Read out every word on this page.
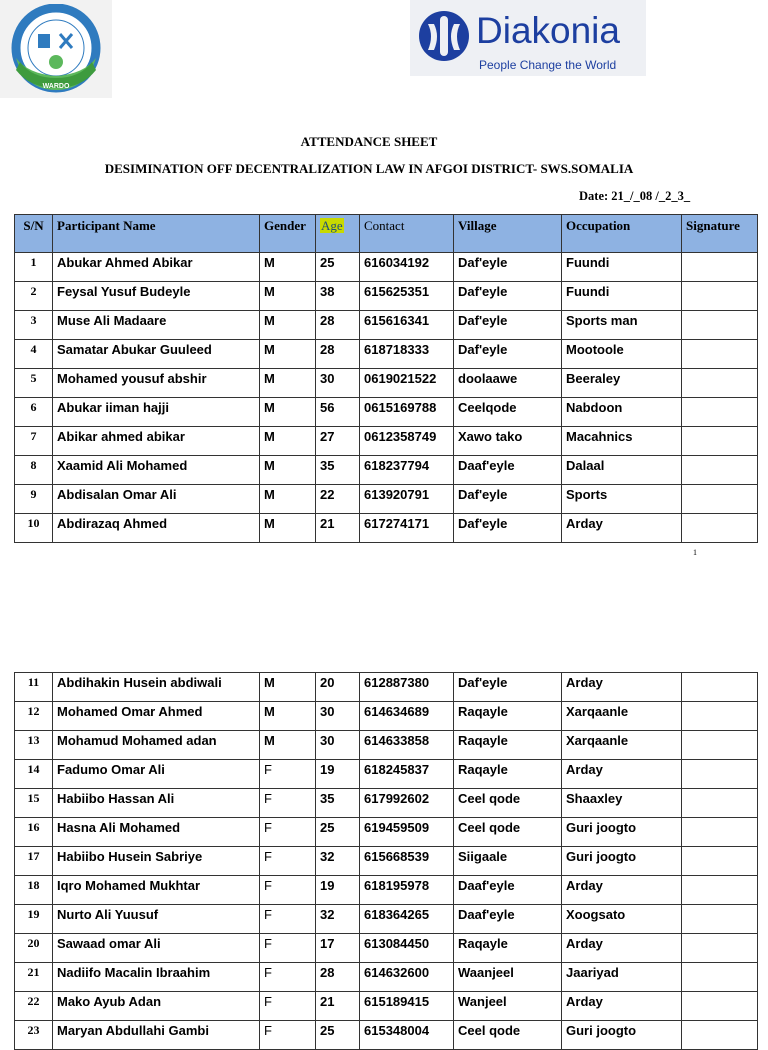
WARDO
Diakonia
People Change the World
ATTENDANCE SHEET
DESIMINATION OFF DECENTRALIZATION LAW IN AFGOI DISTRICT- SWS.SOMALIA
Date: 21_/_08 /_2_3_
S/N	Participant Name	Gender	Age	Contact	Village	Occupation	Signature
1	Abukar Ahmed Abikar	M	25	616034192	Daf'eyle	Fuundi	
2	Feysal Yusuf Budeyle	M	38	615625351	Daf'eyle	Fuundi	
3	Muse Ali Madaare	M	28	615616341	Daf'eyle	Sports man	
4	Samatar Abukar Guuleed	M	28	618718333	Daf'eyle	Mootoole	
5	Mohamed yousuf abshir	M	30	0619021522	doolaawe	Beeraley	
6	Abukar iiman hajji	M	56	0615169788	Ceelqode	Nabdoon	
7	Abikar ahmed abikar	M	27	0612358749	Xawo tako	Macahnics	
8	Xaamid Ali Mohamed	M	35	618237794	Daaf'eyle	Dalaal	
9	Abdisalan Omar Ali	M	22	613920791	Daf'eyle	Sports	
10	Abdirazaq Ahmed	M	21	617274171	Daf'eyle	Arday	
1
11	Abdihakin Husein abdiwali	M	20	612887380	Daf'eyle	Arday	
12	Mohamed Omar Ahmed	M	30	614634689	Raqayle	Xarqaanle	
13	Mohamud Mohamed adan	M	30	614633858	Raqayle	Xarqaanle	
14	Fadumo Omar Ali	F	19	618245837	Raqayle	Arday	
15	Habiibo Hassan Ali	F	35	617992602	Ceel qode	Shaaxley	
16	Hasna Ali Mohamed	F	25	619459509	Ceel qode	Guri joogto	
17	Habiibo Husein Sabriye	F	32	615668539	Siigaale	Guri joogto	
18	Iqro Mohamed Mukhtar	F	19	618195978	Daaf'eyle	Arday	
19	Nurto Ali Yuusuf	F	32	618364265	Daaf'eyle	Xoogsato	
20	Sawaad omar Ali	F	17	613084450	Raqayle	Arday	
21	Nadiifo Macalin Ibraahim	F	28	614632600	Waanjeel	Jaariyad	
22	Mako Ayub Adan	F	21	615189415	Wanjeel	Arday	
23	Maryan Abdullahi Gambi	F	25	615348004	Ceel qode	Guri joogto	
